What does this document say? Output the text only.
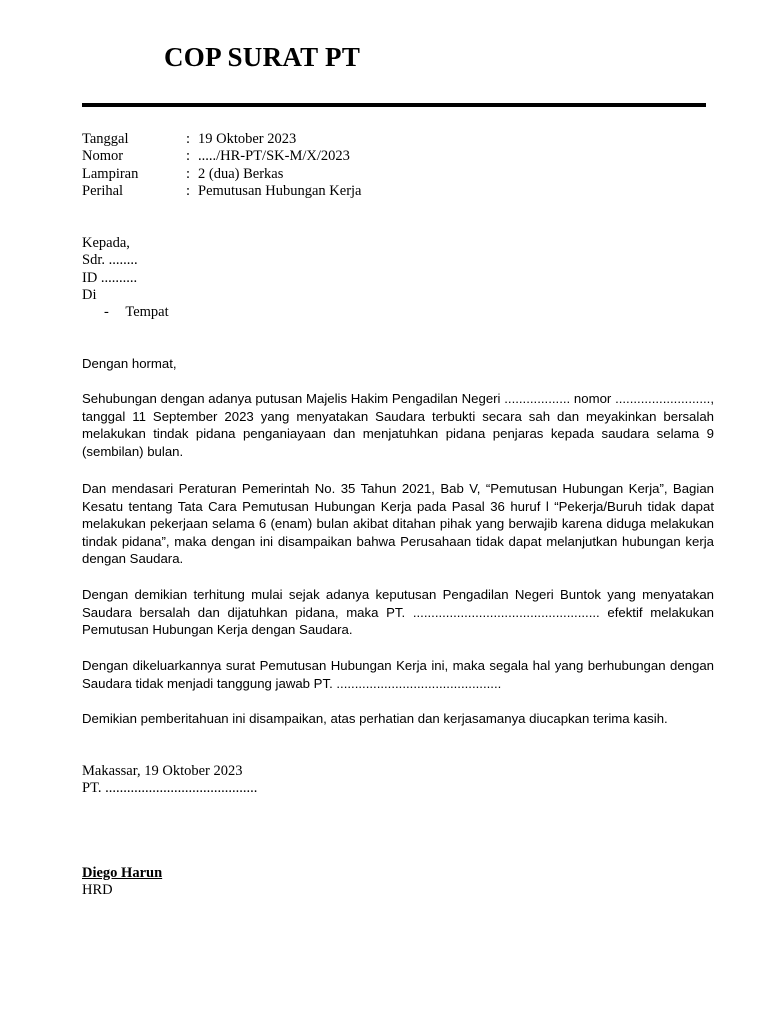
COP SURAT PT
Tanggal	: 19 Oktober 2023
Nomor	: ...../HR-PT/SK-M/X/2023
Lampiran	: 2 (dua) Berkas
Perihal	: Pemutusan Hubungan Kerja
Kepada,
Sdr. ........
ID ..........
Di
- Tempat
Dengan hormat,
Sehubungan dengan adanya putusan Majelis Hakim Pengadilan Negeri .................. nomor .........................., tanggal 11 September 2023 yang menyatakan Saudara terbukti secara sah dan meyakinkan bersalah melakukan tindak pidana penganiayaan dan menjatuhkan pidana penjaras kepada saudara selama 9 (sembilan) bulan.
Dan mendasari Peraturan Pemerintah No. 35 Tahun 2021, Bab V, “Pemutusan Hubungan Kerja”, Bagian Kesatu tentang Tata Cara Pemutusan Hubungan Kerja pada Pasal 36 huruf l “Pekerja/Buruh tidak dapat melakukan pekerjaan selama 6 (enam) bulan akibat ditahan pihak yang berwajib karena diduga melakukan tindak pidana”, maka dengan ini disampaikan bahwa Perusahaan tidak dapat melanjutkan hubungan kerja dengan Saudara.
Dengan demikian terhitung mulai sejak adanya keputusan Pengadilan Negeri Buntok yang menyatakan Saudara bersalah dan dijatuhkan pidana, maka PT. ................................................... efektif melakukan Pemutusan Hubungan Kerja dengan Saudara.
Dengan dikeluarkannya surat Pemutusan Hubungan Kerja ini, maka segala hal yang berhubungan dengan Saudara tidak menjadi tanggung jawab PT. .............................................
Demikian pemberitahuan ini disampaikan, atas perhatian dan kerjasamanya diucapkan terima kasih.
Makassar, 19 Oktober 2023
PT. ..........................................
Diego Harun
HRD
